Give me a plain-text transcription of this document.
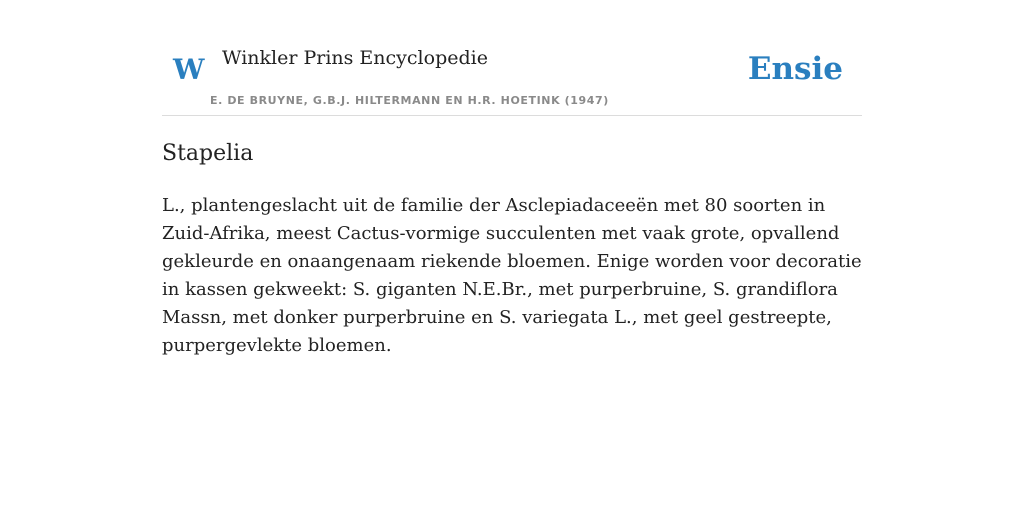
W Winkler Prins Encyclopedie
E. DE BRUYNE, G.B.J. HILTERMANN EN H.R. HOETINK (1947)
Ensie
Stapelia

L., plantengeslacht uit de familie der Asclepiadaceeën met 80 soorten in Zuid-Afrika, meest Cactus-vormige succulenten met vaak grote, opvallend gekleurde en onaangenaam riekende bloemen. Enige worden voor decoratie in kassen gekweekt: S. giganten N.E.Br., met purperbruine, S. grandiflora Massn, met donker purperbruine en S. variegata L., met geel gestreepte, purpergevlekte bloemen.
